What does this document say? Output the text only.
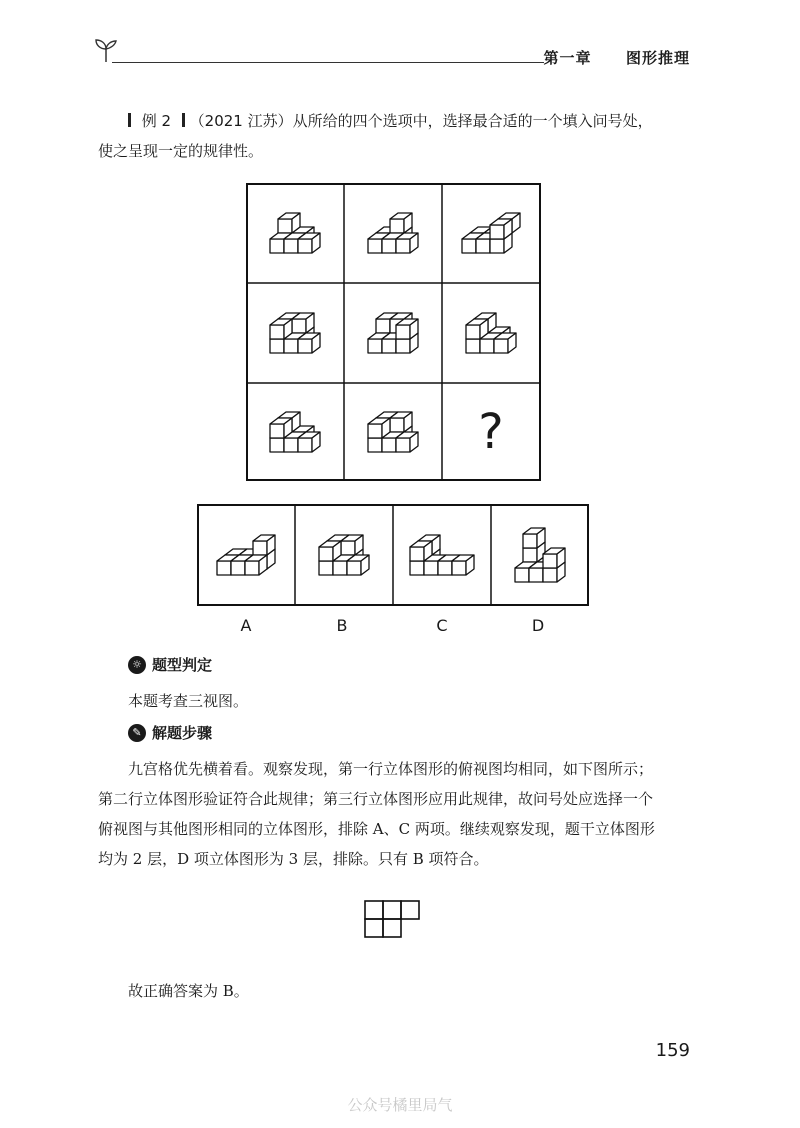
第一章 图形推理
例 2 （2021 江苏）从所给的四个选项中，选择最合适的一个填入问号处，
使之呈现一定的规律性。
?
A	B	C	D
☼ 题型判定
本题考查三视图。
✎ 解题步骤
九宫格优先横着看。观察发现，第一行立体图形的俯视图均相同，如下图所示；
第二行立体图形验证符合此规律；第三行立体图形应用此规律，故问号处应选择一个
俯视图与其他图形相同的立体图形，排除 A、C 两项。继续观察发现，题干立体图形
均为 2 层，D 项立体图形为 3 层，排除。只有 B 项符合。
故正确答案为 B。
159
公众号橘里局气
